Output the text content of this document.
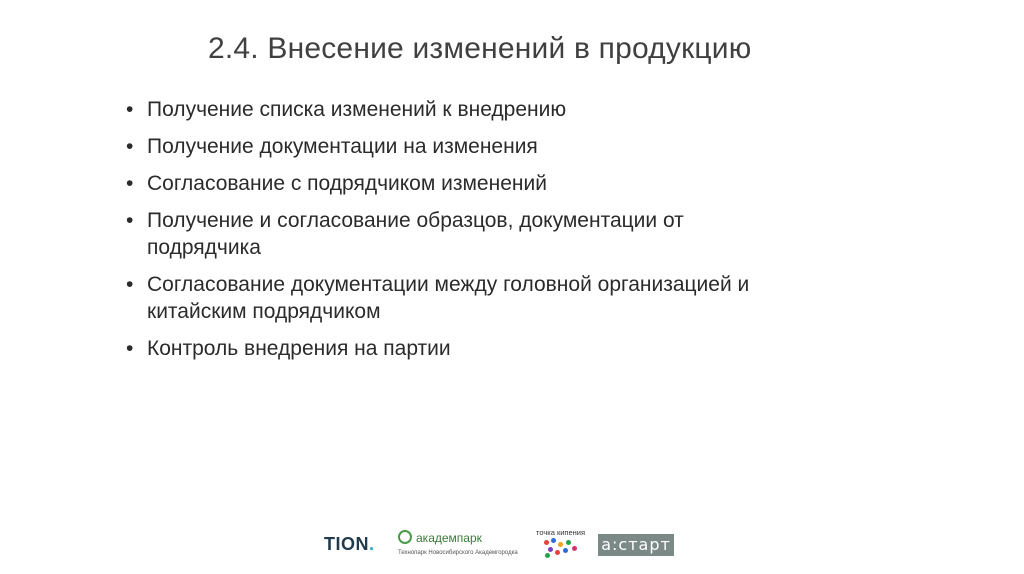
2.4. Внесение изменений в продукцию
• Получение списка изменений к внедрению
• Получение документации на изменения
• Согласование с подрядчиком изменений
• Получение и согласование образцов, документации от подрядчика
• Согласование документации между головной организацией и китайским подрядчиком
• Контроль внедрения на партии
TION.	академпарк
Технопарк Новосибирского Академгородка
точка кипения
а:старт
